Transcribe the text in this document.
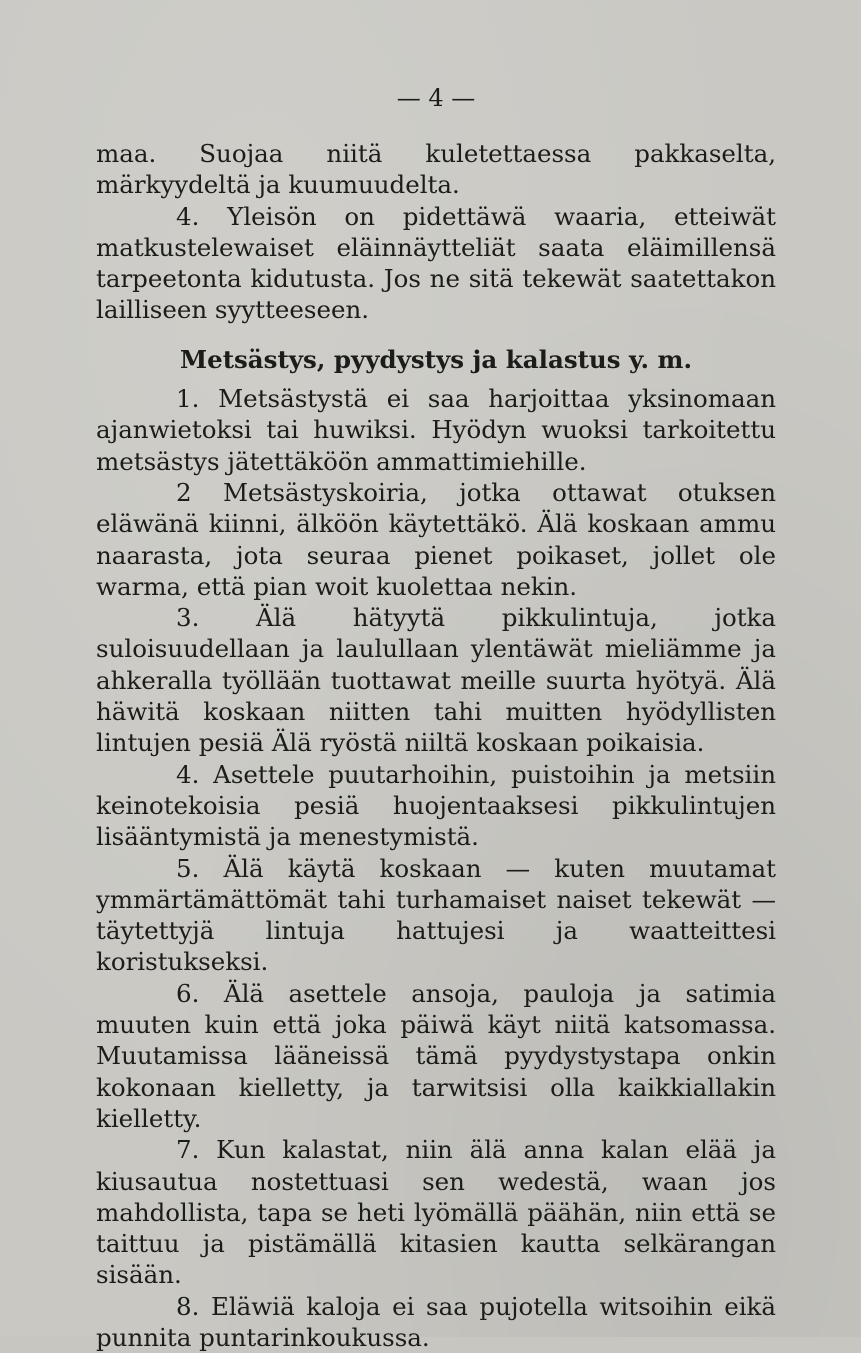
— 4 —

maa. Suojaa niitä kuletettaessa pakkaselta, märkyydeltä ja kuumuudelta.

4. Yleisön on pidettäwä waaria, etteiwät matkustelewaiset eläinnäytteliät saata eläimillensä tarpeetonta kidutusta. Jos ne sitä tekewät saatettakon lailliseen syytteeseen.

Metsästys, pyydystys ja kalastus y. m.

1. Metsästystä ei saa harjoittaa yksinomaan ajanwietoksi tai huwiksi. Hyödyn wuoksi tarkoitettu metsästys jätettäköön ammattimiehille.

2 Metsästyskoiria, jotka ottawat otuksen eläwänä kiinni, älköön käytettäkö. Älä koskaan ammu naarasta, jota seuraa pienet poikaset, jollet ole warma, että pian woit kuolettaa nekin.

3. Älä hätyytä pikkulintuja, jotka suloisuudellaan ja laulullaan ylentäwät mieliämme ja ahkeralla työllään tuottawat meille suurta hyötyä. Älä häwitä koskaan niitten tahi muitten hyödyllisten lintujen pesiä Älä ryöstä niiltä koskaan poikaisia.

4. Asettele puutarhoihin, puistoihin ja metsiin keinotekoisia pesiä huojentaaksesi pikkulintujen lisääntymistä ja menestymistä.

5. Älä käytä koskaan — kuten muutamat ymmärtämättömät tahi turhamaiset naiset tekewät — täytettyjä lintuja hattujesi ja waatteittesi koristukseksi.

6. Älä asettele ansoja, pauloja ja satimia muuten kuin että joka päiwä käyt niitä katsomassa. Muutamissa lääneissä tämä pyydystystapa onkin kokonaan kielletty, ja tarwitsisi olla kaikkiallakin kielletty.

7. Kun kalastat, niin älä anna kalan elää ja kiusautua nostettuasi sen wedestä, waan jos mahdollista, tapa se heti lyömällä päähän, niin että se taittuu ja pistämällä kitasien kautta selkärangan sisään.

8. Eläwiä kaloja ei saa pujotella witsoihin eikä punnita puntarinkoukussa.
